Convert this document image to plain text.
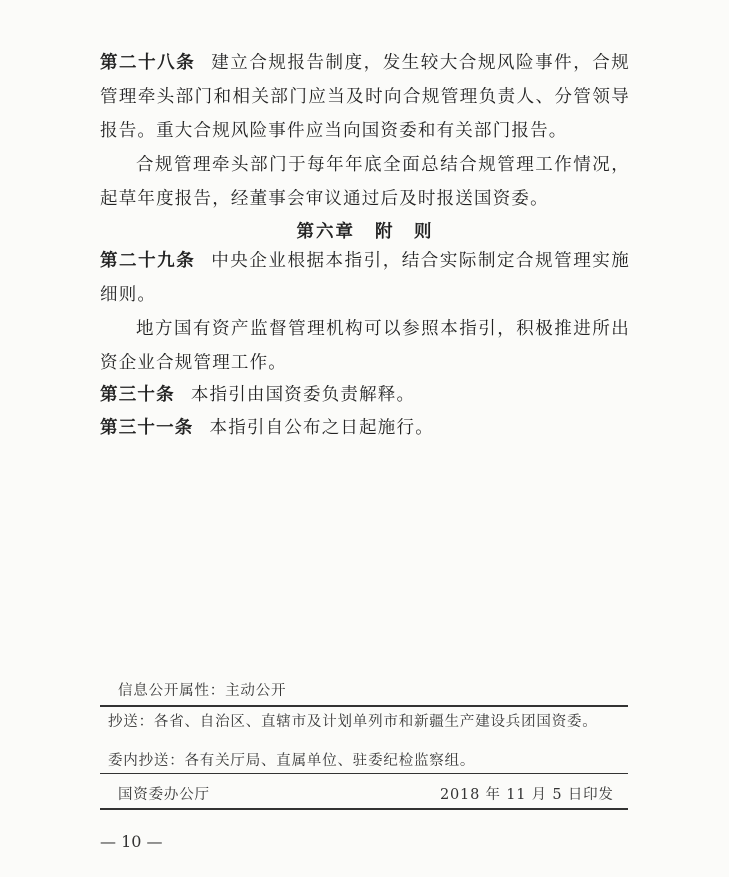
第二十八条 建立合规报告制度，发生较大合规风险事件，合规管理牵头部门和相关部门应当及时向合规管理负责人、分管领导报告。重大合规风险事件应当向国资委和有关部门报告。

合规管理牵头部门于每年年底全面总结合规管理工作情况，起草年度报告，经董事会审议通过后及时报送国资委。

第六章 附　则

第二十九条 中央企业根据本指引，结合实际制定合规管理实施细则。

地方国有资产监督管理机构可以参照本指引，积极推进所出资企业合规管理工作。

第三十条 本指引由国资委负责解释。

第三十一条 本指引自公布之日起施行。

信息公开属性：主动公开
抄送：各省、自治区、直辖市及计划单列市和新疆生产建设兵团国资委。
委内抄送：各有关厅局、直属单位、驻委纪检监察组。
国资委办公厅	2018 年 11 月 5 日印发
— 10 —
